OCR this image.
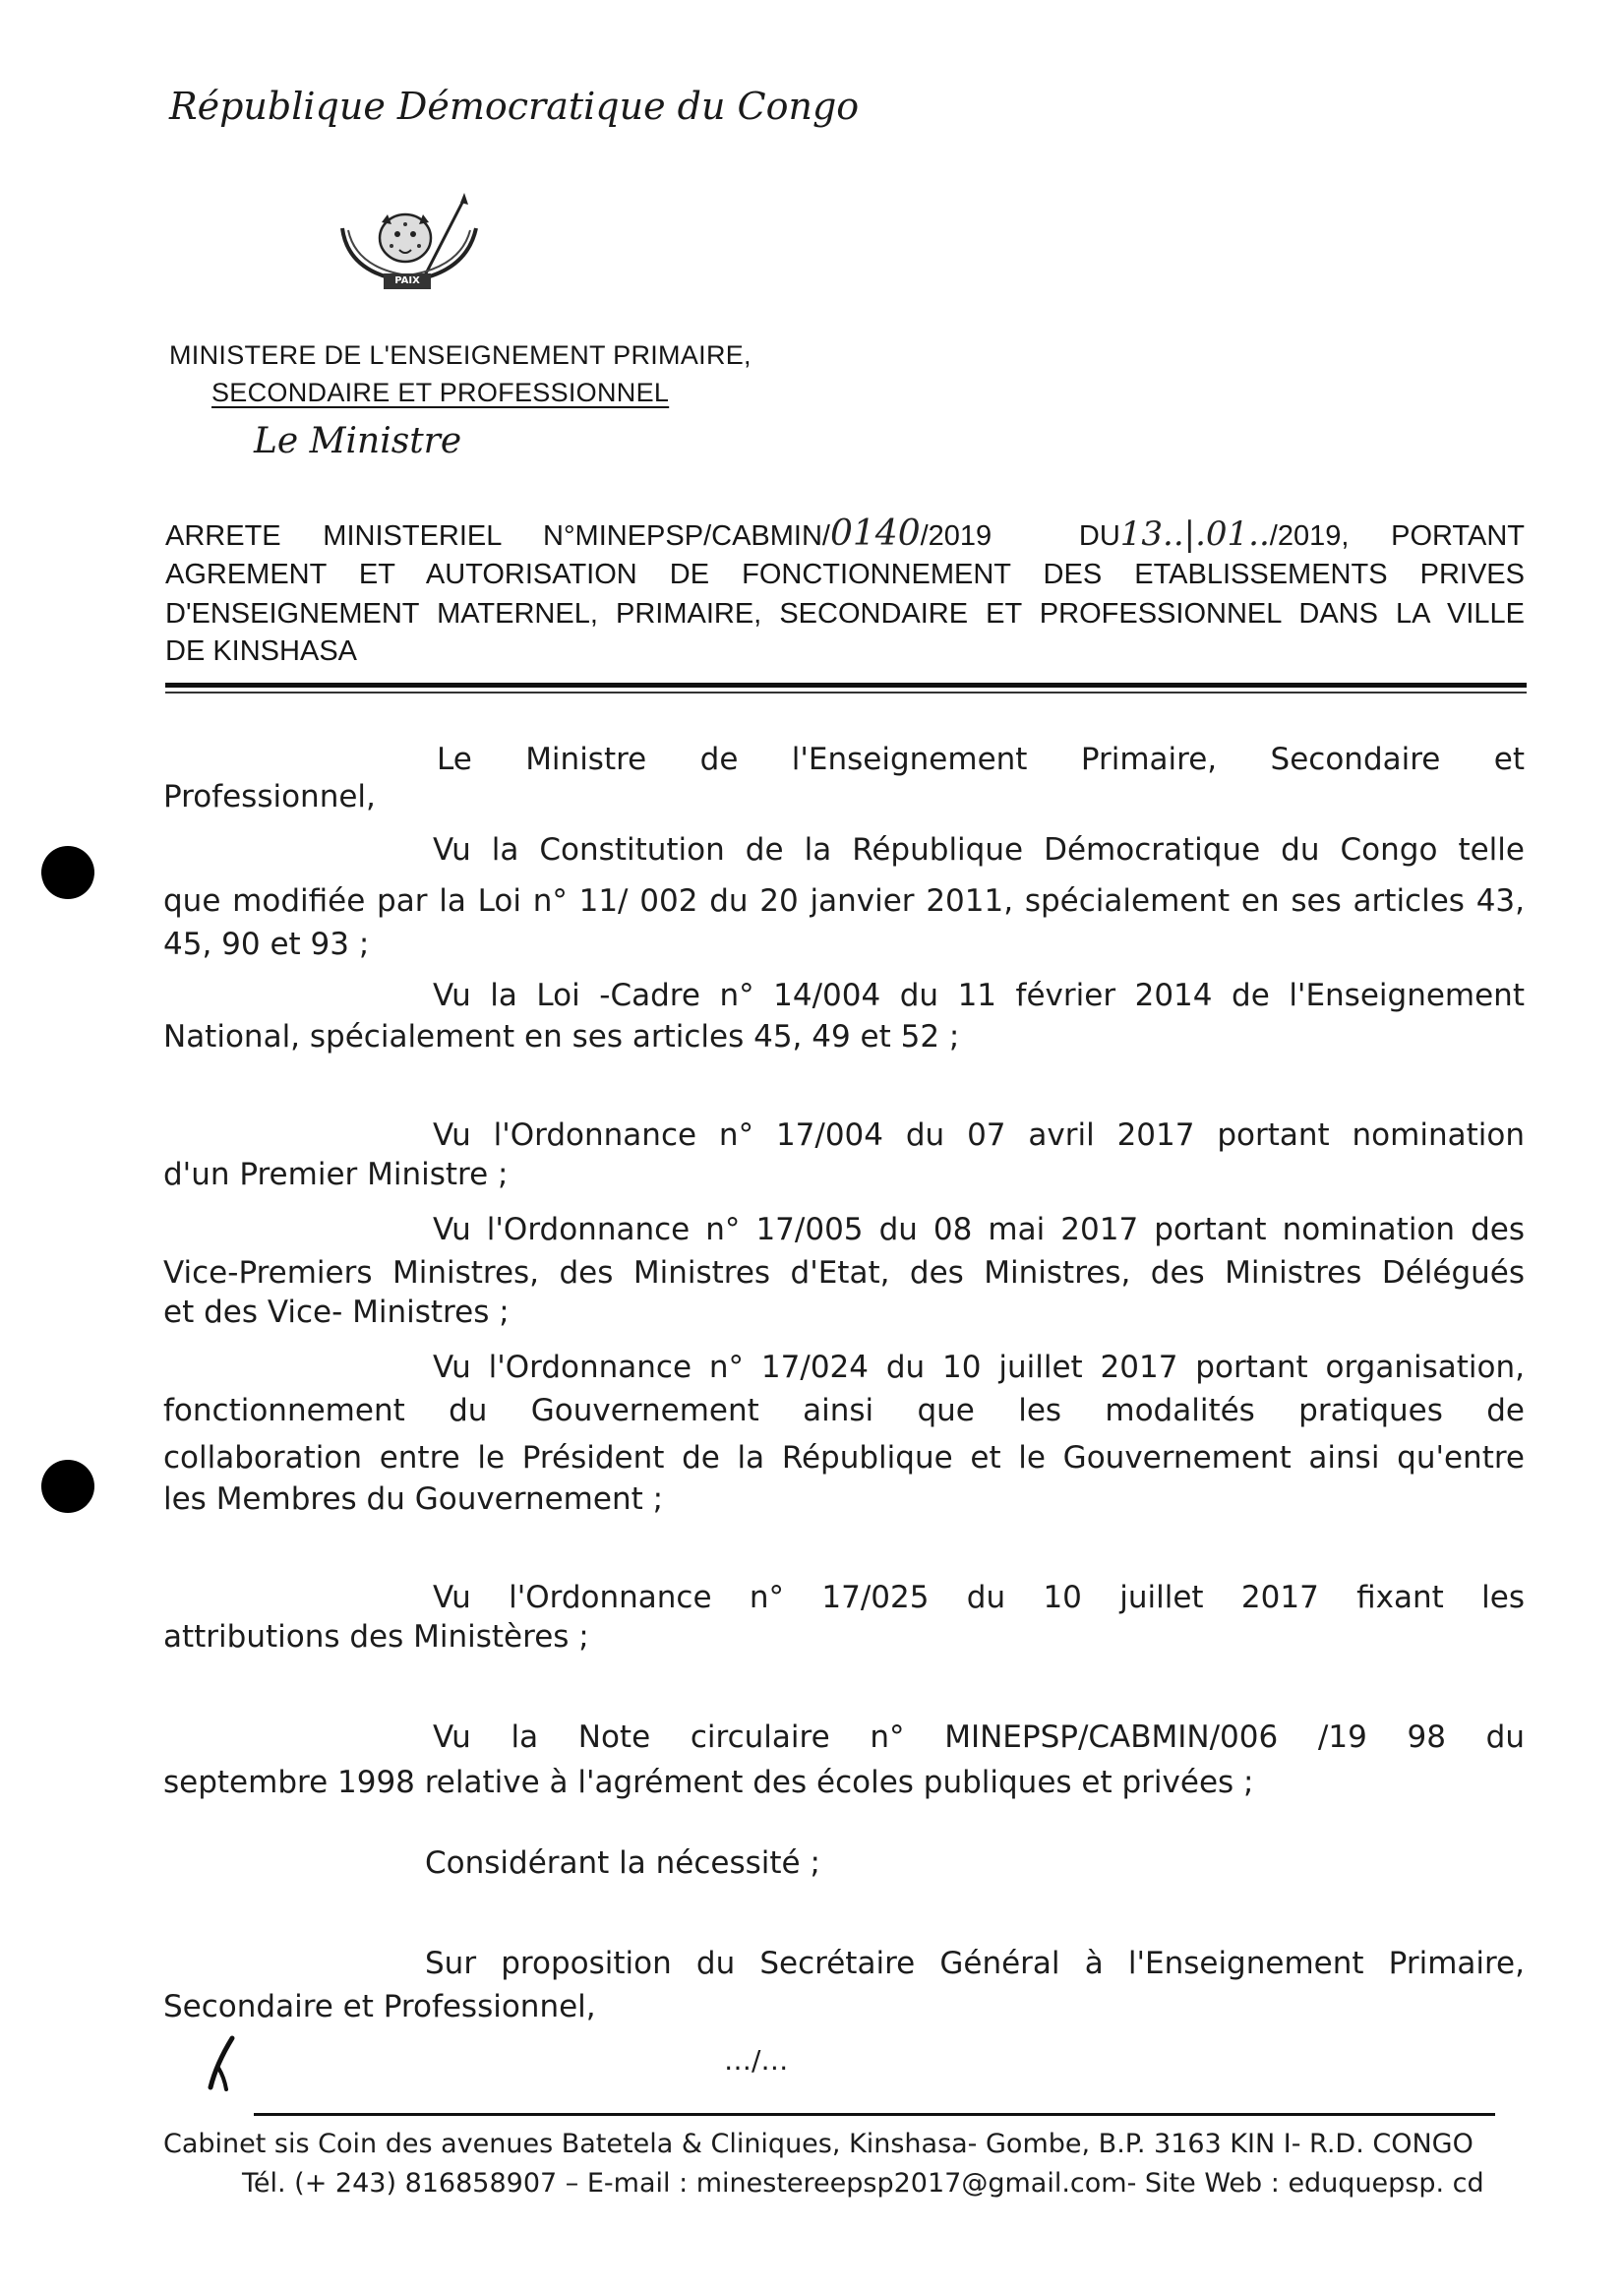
République Démocratique du Congo
PAIX
MINISTERE DE L'ENSEIGNEMENT PRIMAIRE,
SECONDAIRE ET PROFESSIONNEL
Le Ministre
ARRETE MINISTERIEL N°MINEPSP/CABMIN/0140/2019	DU13..|.01../2019, PORTANT
AGREMENT ET AUTORISATION DE FONCTIONNEMENT DES ETABLISSEMENTS PRIVES
D'ENSEIGNEMENT MATERNEL, PRIMAIRE, SECONDAIRE ET PROFESSIONNEL DANS LA VILLE
DE KINSHASA
Le Ministre de l'Enseignement Primaire, Secondaire et
Professionnel,
Vu la Constitution de la République Démocratique du Congo telle
que modifiée par la Loi n° 11/ 002 du 20 janvier 2011, spécialement en ses articles 43,
45, 90 et 93 ;
Vu la Loi -Cadre n° 14/004 du 11 février 2014 de l'Enseignement
National, spécialement en ses articles 45, 49 et 52 ;
Vu l'Ordonnance n° 17/004 du 07 avril 2017 portant nomination
d'un Premier Ministre ;
Vu l'Ordonnance n° 17/005 du 08 mai 2017 portant nomination des
Vice-Premiers Ministres, des Ministres d'Etat, des Ministres, des Ministres Délégués
et des Vice- Ministres ;
Vu l'Ordonnance n° 17/024 du 10 juillet 2017 portant organisation,
fonctionnement du Gouvernement ainsi que les modalités pratiques de
collaboration entre le Président de la République et le Gouvernement ainsi qu'entre
les Membres du Gouvernement ;
Vu l'Ordonnance n° 17/025 du 10 juillet 2017 fixant les
attributions des Ministères ;
Vu la Note circulaire n° MINEPSP/CABMIN/006 /19 98 du
septembre 1998 relative à l'agrément des écoles publiques et privées ;
Considérant la nécessité ;
Sur proposition du Secrétaire Général à l'Enseignement Primaire,
Secondaire et Professionnel,
…/…
Cabinet sis Coin des avenues Batetela & Cliniques, Kinshasa- Gombe, B.P. 3163 KIN I- R.D. CONGO
Tél. (+ 243) 816858907 – E-mail : minestereepsp2017@gmail.com- Site Web : eduquepsp. cd
